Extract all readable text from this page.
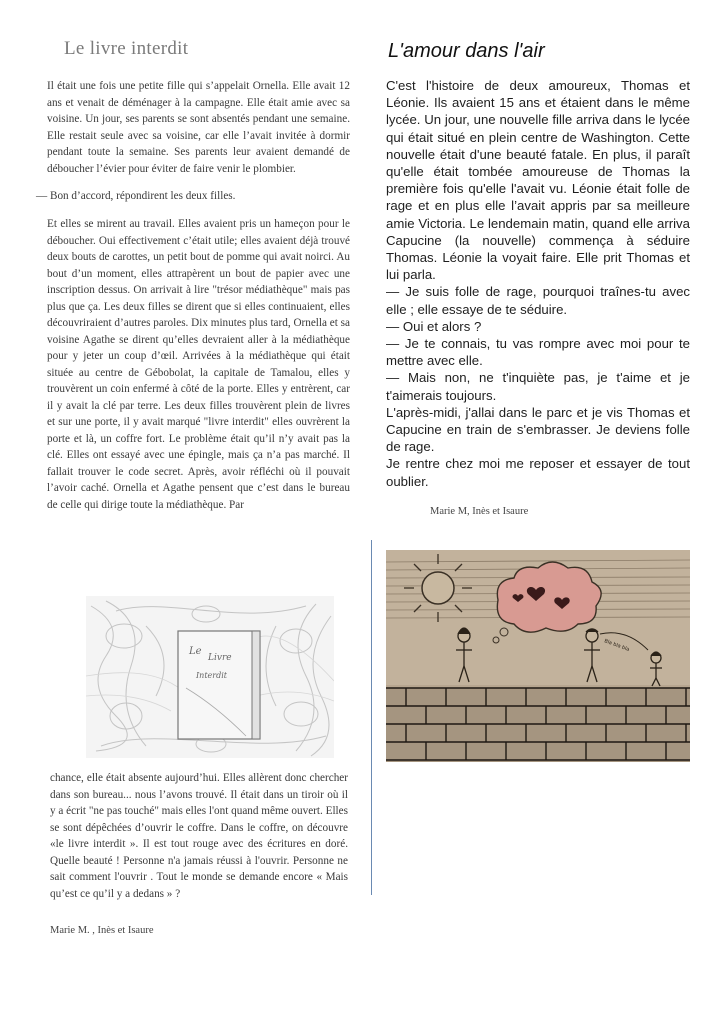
Le livre interdit

Il était une fois une petite fille qui s’appelait Ornella. Elle avait 12 ans et venait de déménager à la campagne. Elle était amie avec sa voisine. Un jour, ses parents se sont absentés pendant une semaine. Elle restait seule avec sa voisine, car elle l’avait invitée à dormir pendant toute la semaine. Ses parents leur avaient demandé de déboucher l’évier pour éviter de faire venir le plombier.

— Bon d’accord, répondirent les deux filles.

Et elles se mirent au travail. Elles avaient pris un hameçon pour le déboucher. Oui effectivement c’était utile; elles avaient déjà trouvé deux bouts de carottes, un petit bout de pomme qui avait noirci. Au bout d’un moment, elles attrapèrent un bout de papier avec une inscription dessus. On arrivait à lire "trésor médiathèque" mais pas plus que ça. Les deux filles se dirent que si elles continuaient, elles découvriraient d’autres paroles. Dix minutes plus tard, Ornella et sa voisine Agathe se dirent qu’elles devraient aller à la médiathèque pour y jeter un coup d’œil. Arrivées à la médiathèque qui était située au centre de Gébobolat, la capitale de Tamalou, elles y trouvèrent un coin enfermé à côté de la porte. Elles y entrèrent, car il y avait la clé par terre. Les deux filles trouvèrent plein de livres et sur une porte, il y avait marqué "livre interdit" elles ouvrèrent la porte et là, un coffre fort. Le problème était qu’il n’y avait pas la clé. Elles ont essayé avec une épingle, mais ça n’a pas marché. Il fallait trouver le code secret. Après, avoir réfléchi où il pouvait l’avoir caché. Ornella et Agathe pensent que c’est dans le bureau de celle qui dirige toute la médiathèque. Par

Le
Livre
Interdit

chance, elle était absente aujourd’hui. Elles allèrent donc chercher dans son bureau... nous l’avons trouvé. Il était dans un tiroir où il y a écrit "ne pas touché" mais elles l'ont quand même ouvert. Elles se sont dépêchées d’ouvrir le coffre. Dans le coffre, on découvre «le livre interdit ». Il est tout rouge avec des écritures en doré. Quelle beauté ! Personne n'a jamais réussi à l'ouvrir. Personne ne sait comment l'ouvrir . Tout le monde se demande encore « Mais qu’est ce qu’il y a dedans » ?

Marie M. , Inès et Isaure
L'amour dans l'air

C'est l'histoire de deux amoureux, Thomas et Léonie. Ils avaient 15 ans et étaient dans le même lycée. Un jour, une nouvelle fille arriva dans le lycée qui était situé en plein centre de Washington. Cette nouvelle était d'une beauté fatale. En plus, il paraît qu'elle était tombée amoureuse de Thomas la première fois qu'elle l'avait vu. Léonie était folle de rage et en plus elle l’avait appris par sa meilleure amie Victoria. Le lendemain matin, quand elle arriva Capucine (la nouvelle) commença à séduire Thomas. Léonie la voyait faire. Elle prit Thomas et lui parla.

— Je suis folle de rage, pourquoi traînes-tu avec elle ; elle essaye de te séduire.

— Oui et alors ?

— Je te connais, tu vas rompre avec moi pour te mettre avec elle.

— Mais non, ne t'inquiète pas, je t'aime et je t'aimerais toujours.

L'après-midi, j'allai dans le parc et je vis Thomas et Capucine en train de s'embrasser. Je deviens folle de rage.

Je rentre chez moi me reposer et essayer de tout oublier.

Marie M, Inès et Isaure
Bla bla bla
